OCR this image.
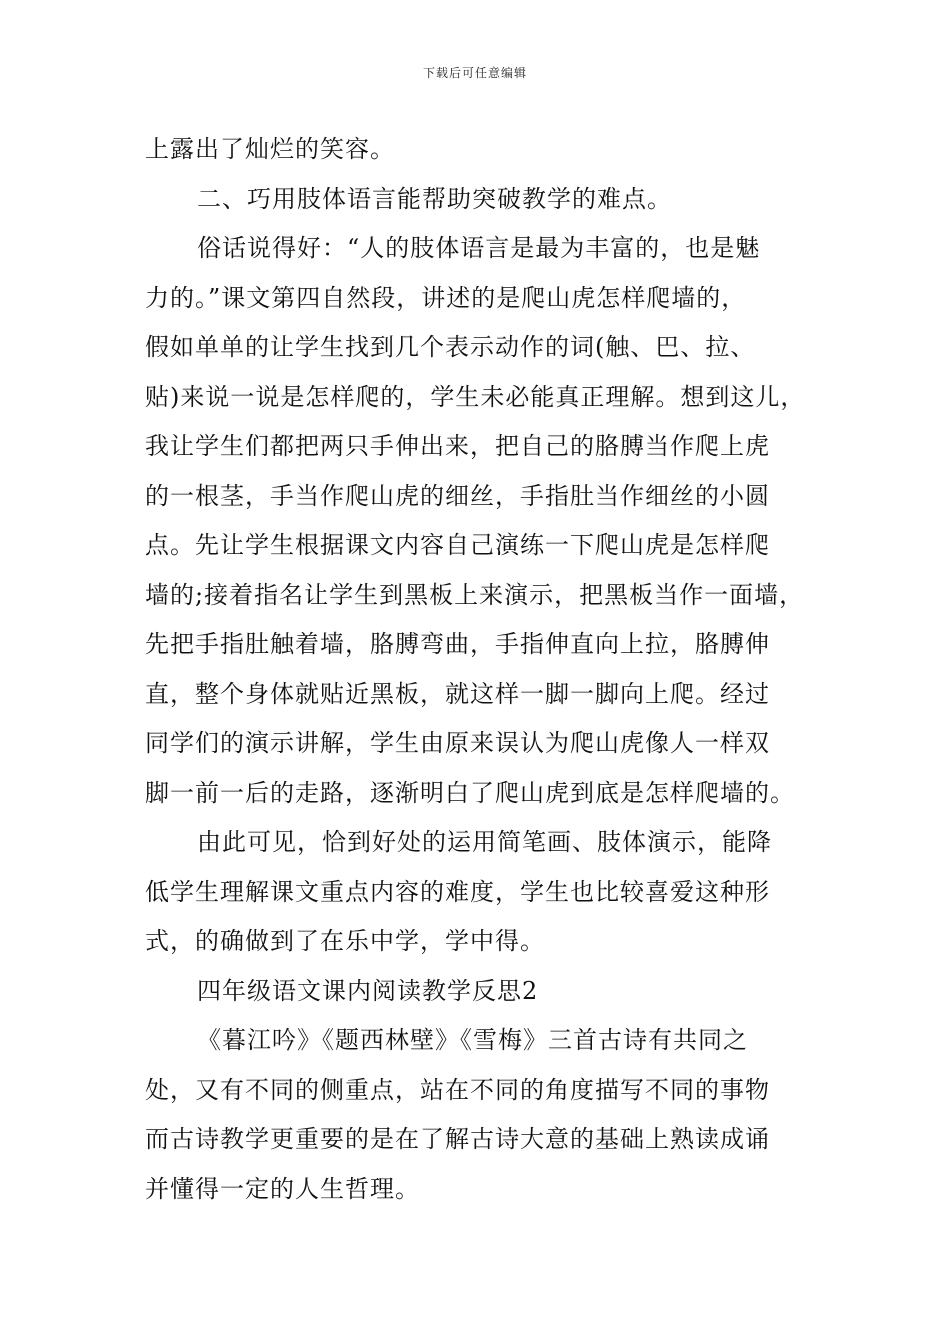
下载后可任意编辑
上露出了灿烂的笑容。
二、巧用肢体语言能帮助突破教学的难点。
俗话说得好：“人的肢体语言是最为丰富的，也是魅
力的。”课文第四自然段，讲述的是爬山虎怎样爬墙的，
假如单单的让学生找到几个表示动作的词(触、巴、拉、
贴)来说一说是怎样爬的，学生未必能真正理解。想到这儿，
我让学生们都把两只手伸出来，把自己的胳膊当作爬上虎
的一根茎，手当作爬山虎的细丝，手指肚当作细丝的小圆
点。先让学生根据课文内容自己演练一下爬山虎是怎样爬
墙的;接着指名让学生到黑板上来演示，把黑板当作一面墙，
先把手指肚触着墙，胳膊弯曲，手指伸直向上拉，胳膊伸
直，整个身体就贴近黑板，就这样一脚一脚向上爬。经过
同学们的演示讲解，学生由原来误认为爬山虎像人一样双
脚一前一后的走路，逐渐明白了爬山虎到底是怎样爬墙的。
由此可见，恰到好处的运用简笔画、肢体演示，能降
低学生理解课文重点内容的难度，学生也比较喜爱这种形
式，的确做到了在乐中学，学中得。
四年级语文课内阅读教学反思2
《暮江吟》《题西林壁》《雪梅》三首古诗有共同之
处，又有不同的侧重点，站在不同的角度描写不同的事物
而古诗教学更重要的是在了解古诗大意的基础上熟读成诵
并懂得一定的人生哲理。
